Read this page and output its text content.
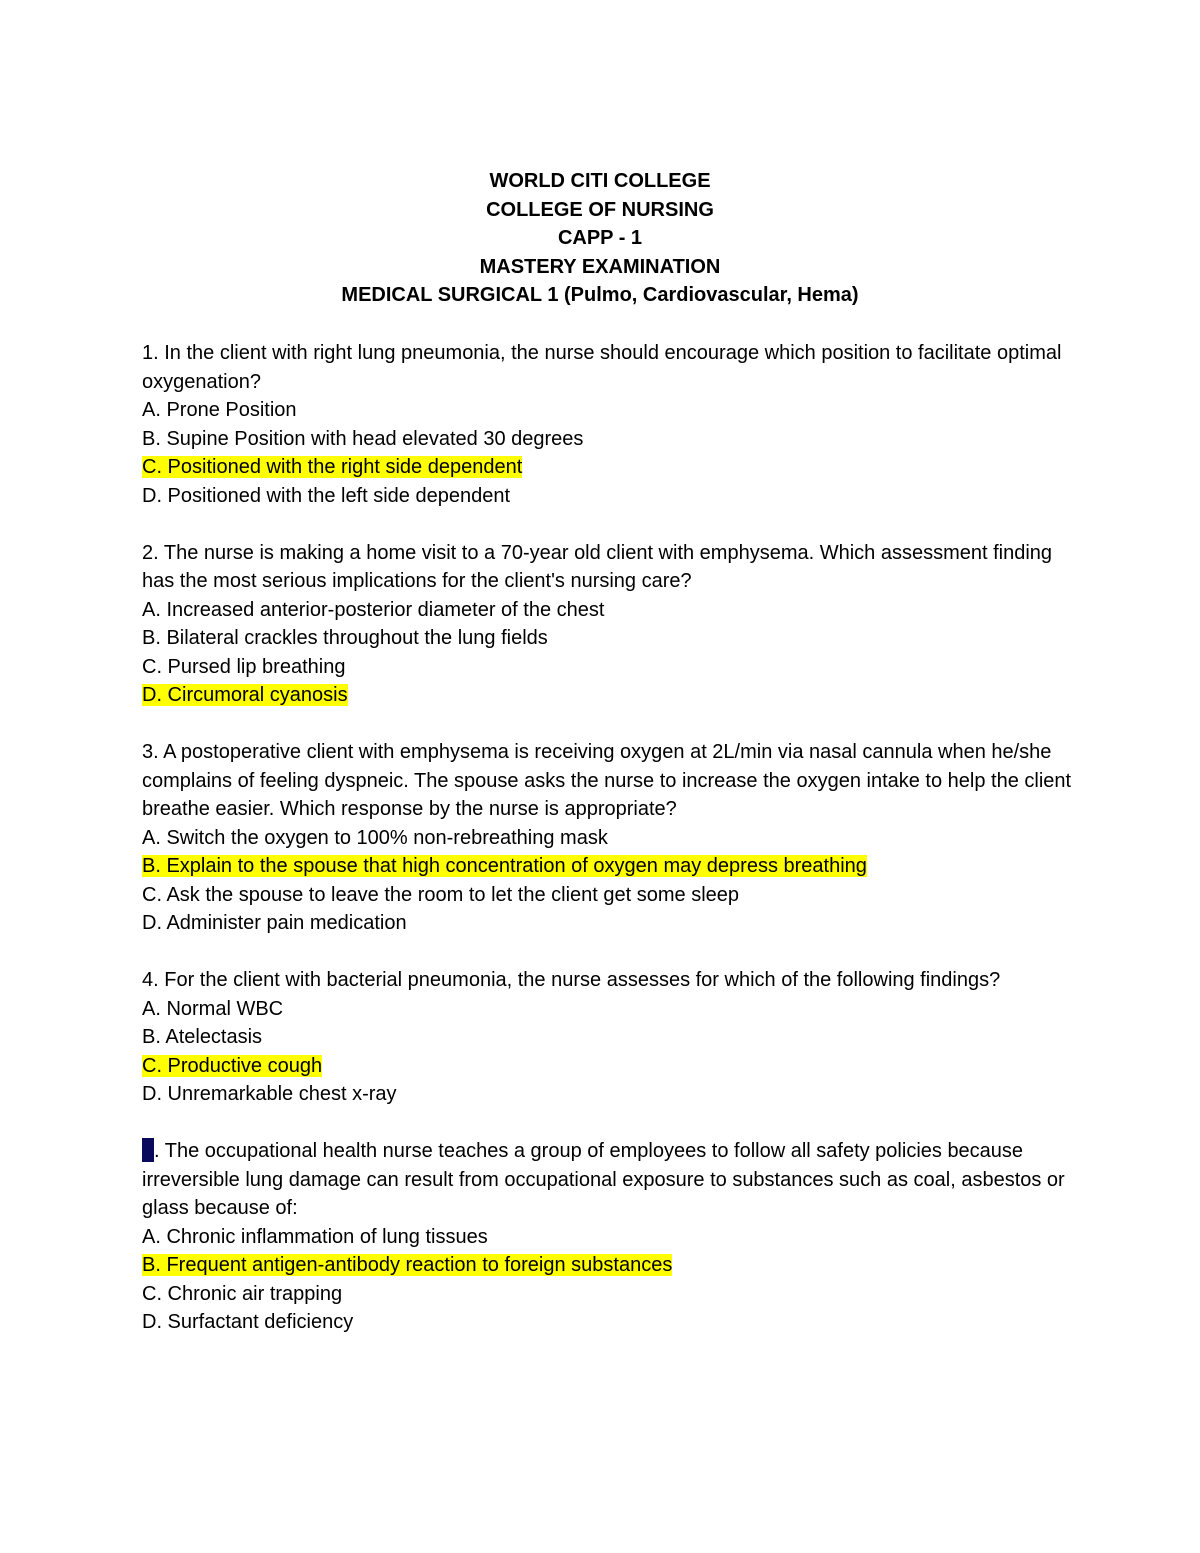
WORLD CITI COLLEGE
COLLEGE OF NURSING
CAPP - 1
MASTERY EXAMINATION
MEDICAL SURGICAL 1 (Pulmo, Cardiovascular, Hema)

1. In the client with right lung pneumonia, the nurse should encourage which position to facilitate optimal oxygenation?

A. Prone Position

B. Supine Position with head elevated 30 degrees

C. Positioned with the right side dependent

D. Positioned with the left side dependent

2. The nurse is making a home visit to a 70-year old client with emphysema. Which assessment finding has the most serious implications for the client's nursing care?

A. Increased anterior-posterior diameter of the chest

B. Bilateral crackles throughout the lung fields

C. Pursed lip breathing

D. Circumoral cyanosis

3. A postoperative client with emphysema is receiving oxygen at 2L/min via nasal cannula when he/she complains of feeling dyspneic. The spouse asks the nurse to increase the oxygen intake to help the client breathe easier. Which response by the nurse is appropriate?

A. Switch the oxygen to 100% non-rebreathing mask

B. Explain to the spouse that high concentration of oxygen may depress breathing

C. Ask the spouse to leave the room to let the client get some sleep

D. Administer pain medication

4. For the client with bacterial pneumonia, the nurse assesses for which of the following findings?

A. Normal WBC

B. Atelectasis

C. Productive cough

D. Unremarkable chest x-ray

. The occupational health nurse teaches a group of employees to follow all safety policies because irreversible lung damage can result from occupational exposure to substances such as coal, asbestos or glass because of:

A. Chronic inflammation of lung tissues

B. Frequent antigen-antibody reaction to foreign substances

C. Chronic air trapping

D. Surfactant deficiency
